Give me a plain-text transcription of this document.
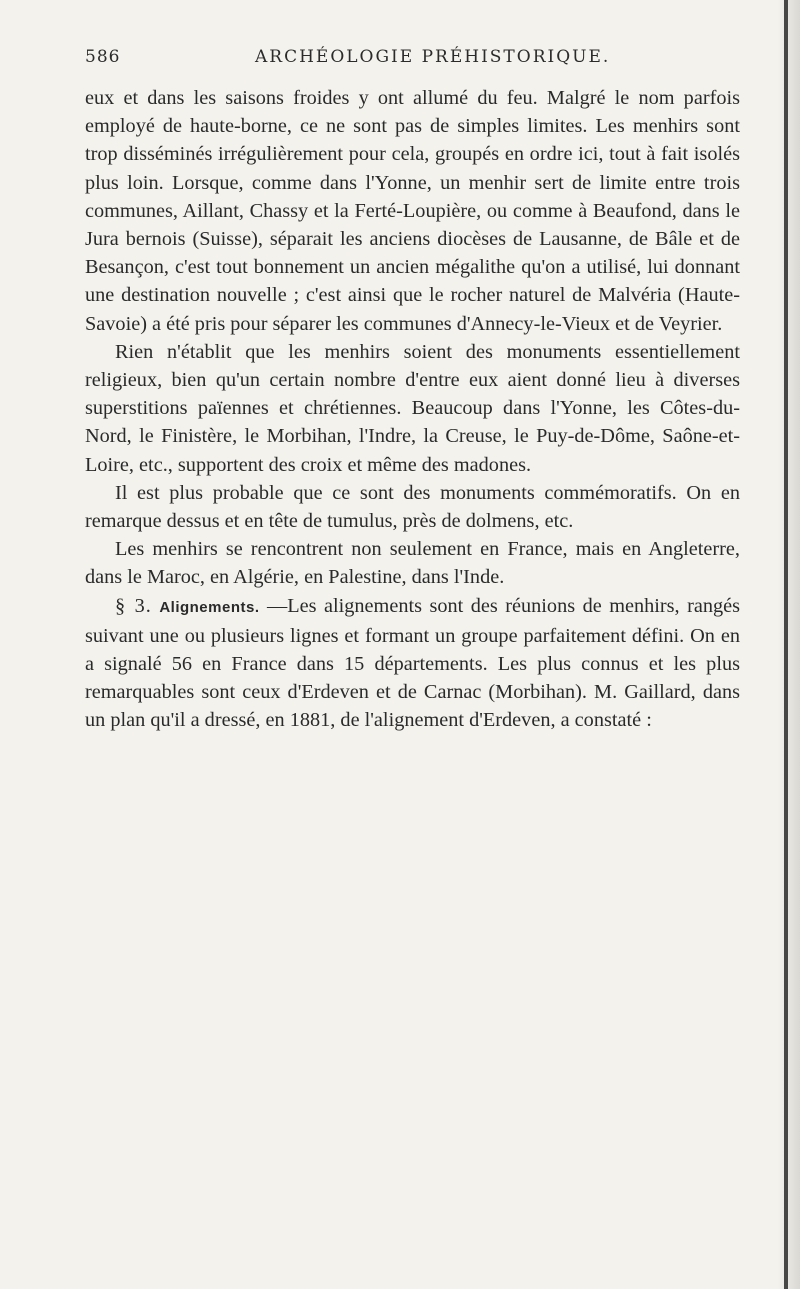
586	ARCHÉOLOGIE PRÉHISTORIQUE.

eux et dans les saisons froides y ont allumé du feu. Malgré le nom parfois employé de haute-borne, ce ne sont pas de simples limites. Les menhirs sont trop disséminés irrégulièrement pour cela, groupés en ordre ici, tout à fait isolés plus loin. Lorsque, comme dans l'Yonne, un menhir sert de limite entre trois communes, Aillant, Chassy et la Ferté-Loupière, ou comme à Beaufond, dans le Jura bernois (Suisse), séparait les anciens diocèses de Lausanne, de Bâle et de Besançon, c'est tout bonnement un ancien mégalithe qu'on a utilisé, lui donnant une destination nouvelle ; c'est ainsi que le rocher naturel de Malvéria (Haute-Savoie) a été pris pour séparer les communes d'Annecy-le-Vieux et de Veyrier.

Rien n'établit que les menhirs soient des monuments essentiellement religieux, bien qu'un certain nombre d'entre eux aient donné lieu à diverses superstitions païennes et chrétiennes. Beaucoup dans l'Yonne, les Côtes-du-Nord, le Finistère, le Morbihan, l'Indre, la Creuse, le Puy-de-Dôme, Saône-et-Loire, etc., supportent des croix et même des madones.

Il est plus probable que ce sont des monuments commémoratifs. On en remarque dessus et en tête de tumulus, près de dolmens, etc.

Les menhirs se rencontrent non seulement en France, mais en Angleterre, dans le Maroc, en Algérie, en Palestine, dans l'Inde.

§ 3. Alignements. —Les alignements sont des réunions de menhirs, rangés suivant une ou plusieurs lignes et formant un groupe parfaitement défini. On en a signalé 56 en France dans 15 départements. Les plus connus et les plus remarquables sont ceux d'Erdeven et de Carnac (Morbihan). M. Gaillard, dans un plan qu'il a dressé, en 1881, de l'alignement d'Erdeven, a constaté :
